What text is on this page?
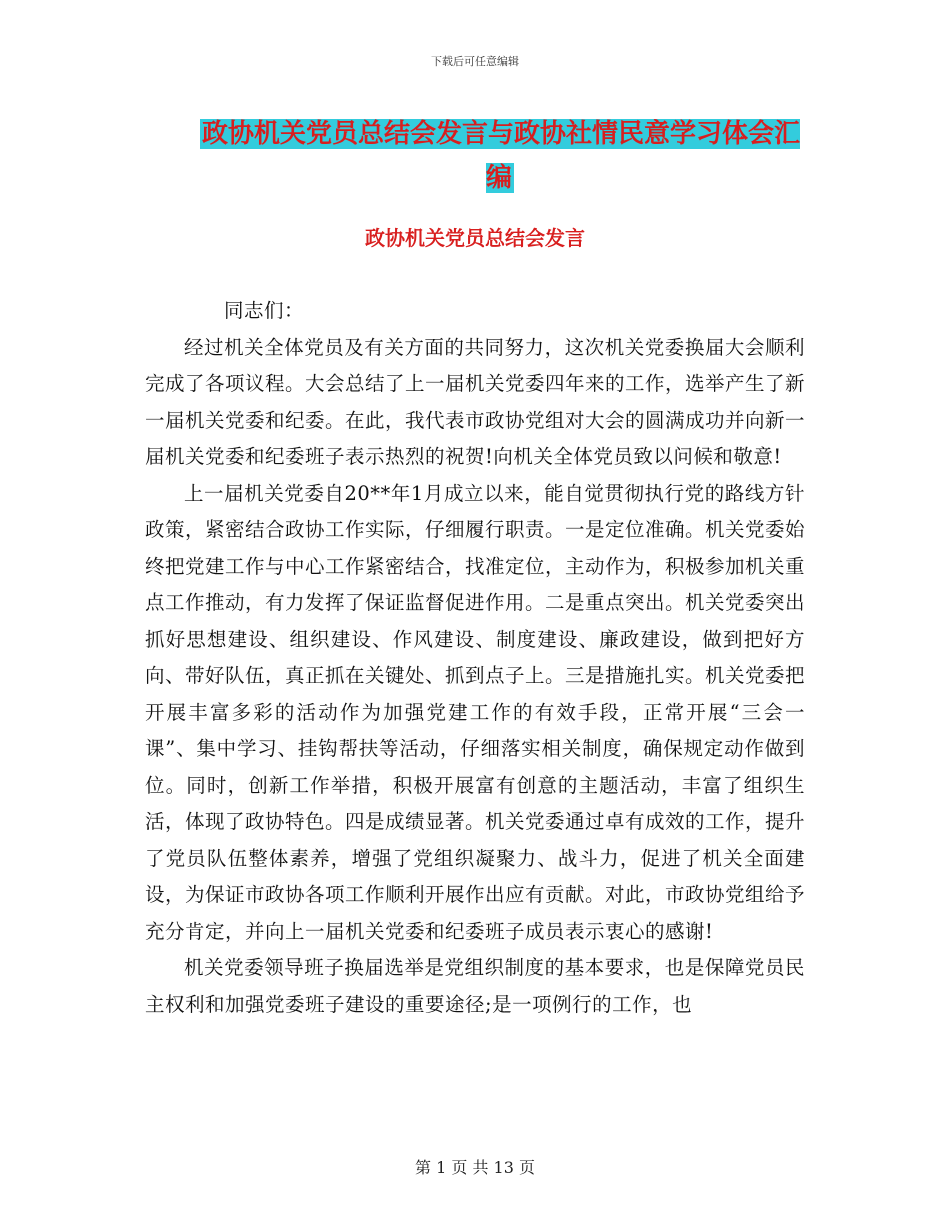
下载后可任意编辑
政协机关党员总结会发言与政协社情民意学习体会汇编
政协机关党员总结会发言

  同志们：

经过机关全体党员及有关方面的共同努力，这次机关党委换届大会顺利完成了各项议程。大会总结了上一届机关党委四年来的工作，选举产生了新一届机关党委和纪委。在此，我代表市政协党组对大会的圆满成功并向新一届机关党委和纪委班子表示热烈的祝贺!向机关全体党员致以问候和敬意!

上一届机关党委自20**年1月成立以来，能自觉贯彻执行党的路线方针政策，紧密结合政协工作实际，仔细履行职责。一是定位准确。机关党委始终把党建工作与中心工作紧密结合，找准定位，主动作为，积极参加机关重点工作推动，有力发挥了保证监督促进作用。二是重点突出。机关党委突出抓好思想建设、组织建设、作风建设、制度建设、廉政建设，做到把好方向、带好队伍，真正抓在关键处、抓到点子上。三是措施扎实。机关党委把开展丰富多彩的活动作为加强党建工作的有效手段，正常开展“三会一课”、集中学习、挂钩帮扶等活动，仔细落实相关制度，确保规定动作做到位。同时，创新工作举措，积极开展富有创意的主题活动，丰富了组织生活，体现了政协特色。四是成绩显著。机关党委通过卓有成效的工作，提升了党员队伍整体素养，增强了党组织凝聚力、战斗力，促进了机关全面建设，为保证市政协各项工作顺利开展作出应有贡献。对此，市政协党组给予充分肯定，并向上一届机关党委和纪委班子成员表示衷心的感谢!

机关党委领导班子换届选举是党组织制度的基本要求，也是保障党员民主权利和加强党委班子建设的重要途径;是一项例行的工作，也

第 1 页 共 13 页
